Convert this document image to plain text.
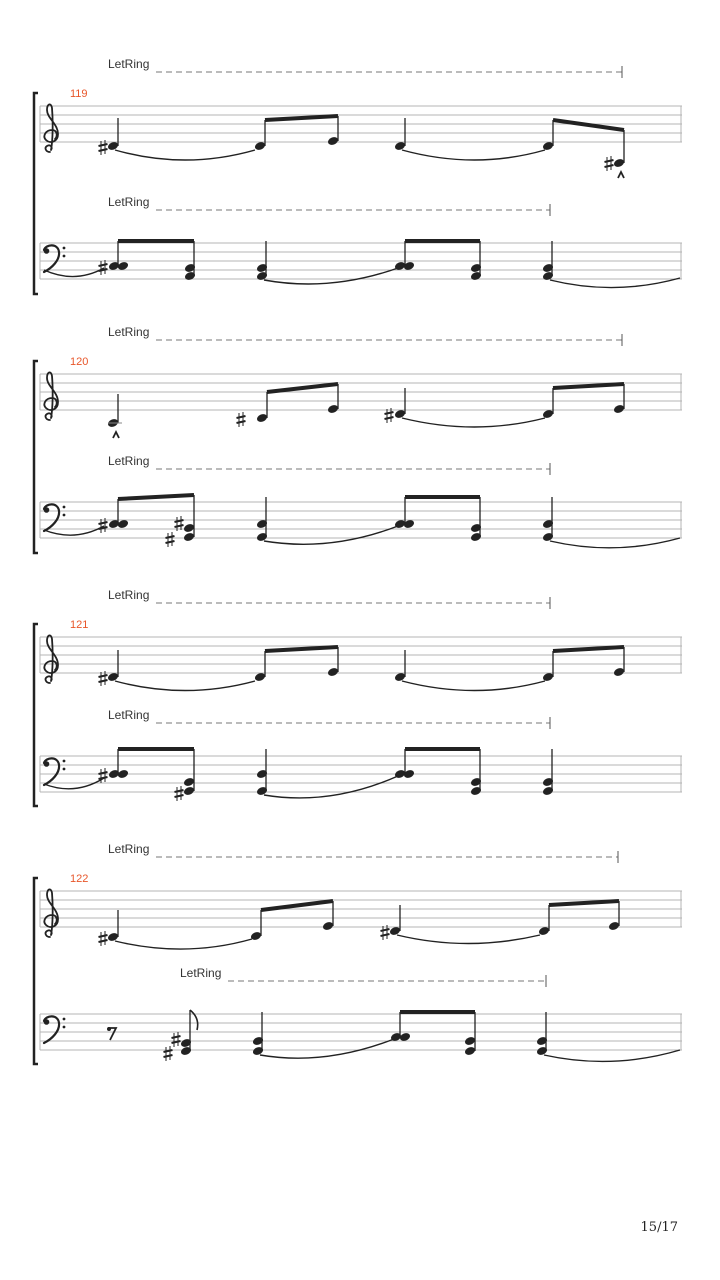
LetRing
119
LetRing
LetRing
120
LetRing
LetRing
121
LetRing
LetRing
122
LetRing
15/17
